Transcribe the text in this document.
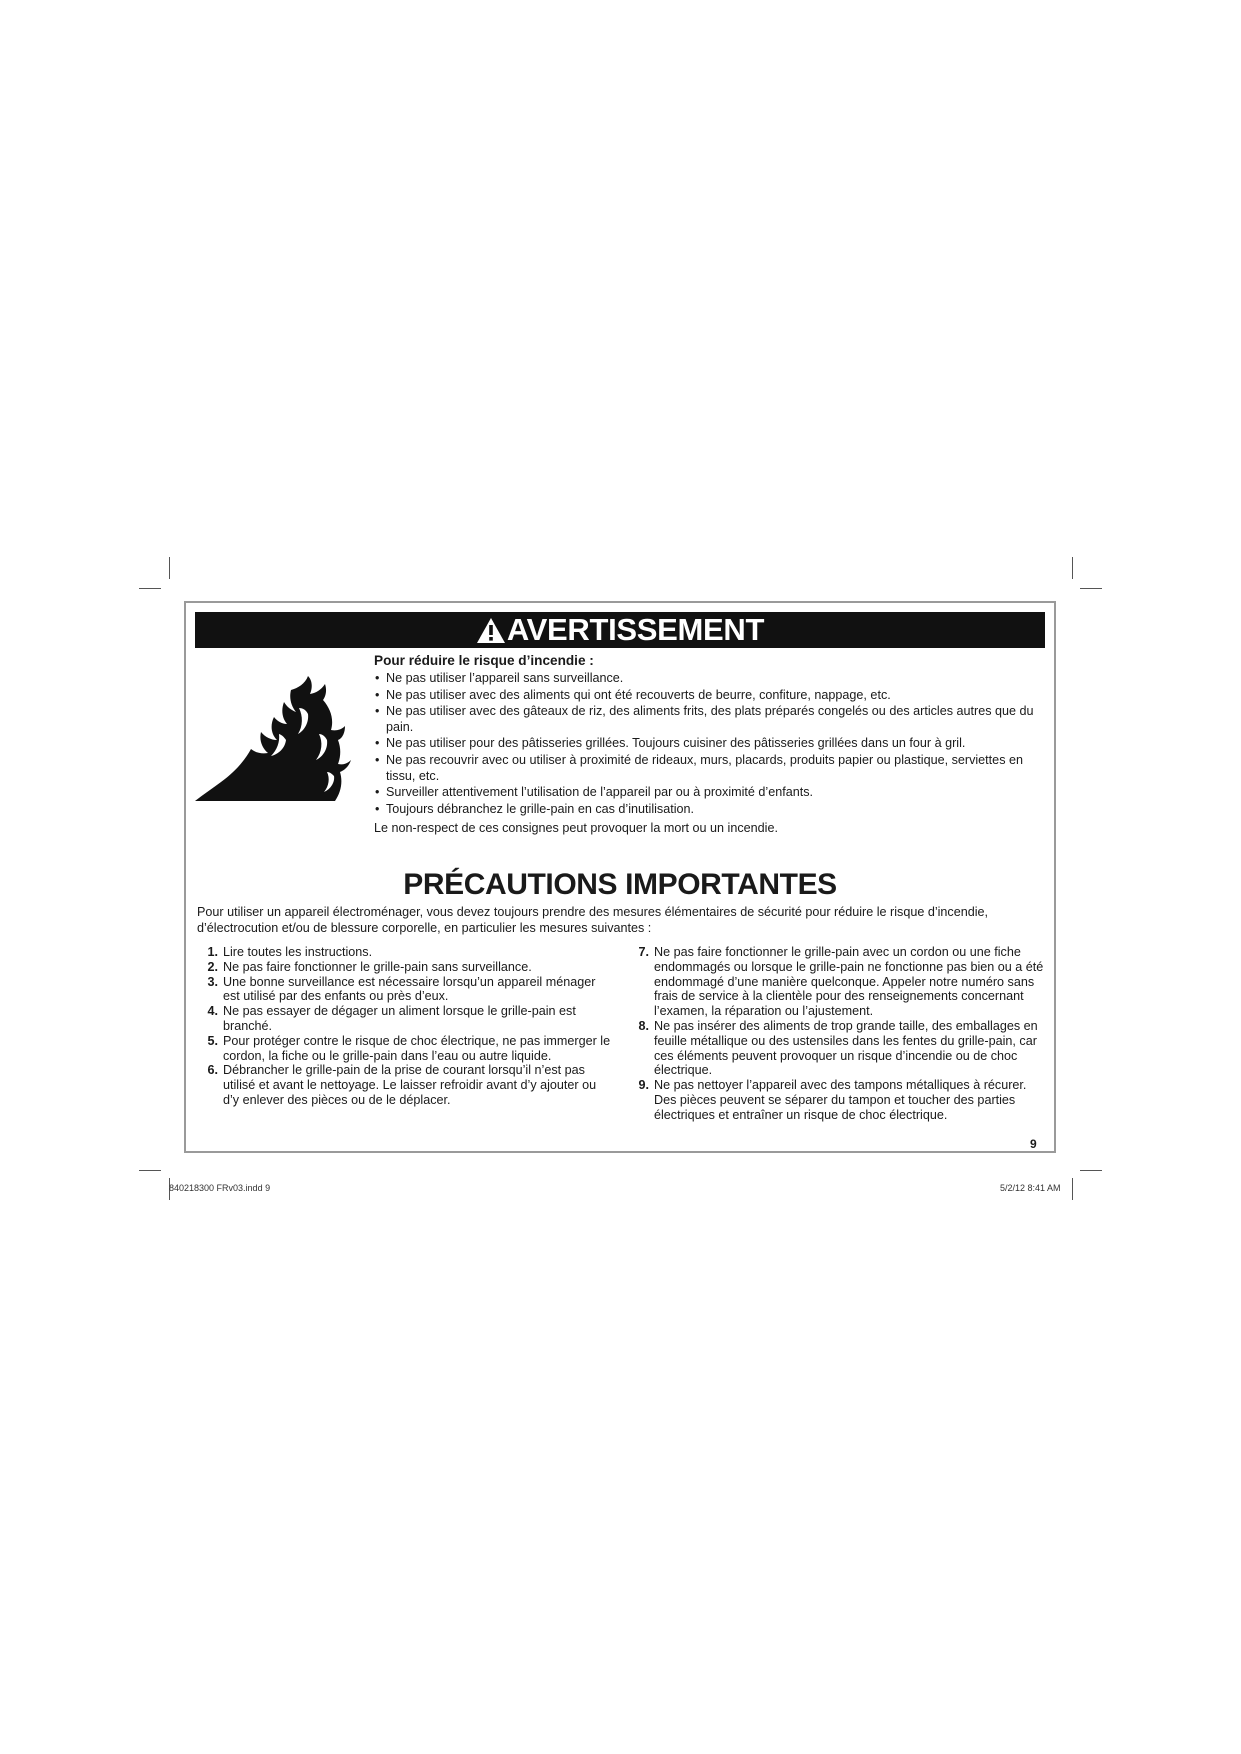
AVERTISSEMENT
Pour réduire le risque d’incendie :
• Ne pas utiliser l’appareil sans surveillance.
• Ne pas utiliser avec des aliments qui ont été recouverts de beurre, confiture, nappage, etc.
• Ne pas utiliser avec des gâteaux de riz, des aliments frits, des plats préparés congelés ou des articles autres que du pain.
• Ne pas utiliser pour des pâtisseries grillées. Toujours cuisiner des pâtisseries grillées dans un four à gril.
• Ne pas recouvrir avec ou utiliser à proximité de rideaux, murs, placards, produits papier ou plastique, serviettes en tissu, etc.
• Surveiller attentivement l’utilisation de l’appareil par ou à proximité d’enfants.
• Toujours débranchez le grille-pain en cas d’inutilisation.
Le non-respect de ces consignes peut provoquer la mort ou un incendie.
PRÉCAUTIONS IMPORTANTES
Pour utiliser un appareil électroménager, vous devez toujours prendre des mesures élémentaires de sécurité pour réduire le risque d’incendie, d’électrocution et/ou de blessure corporelle, en particulier les mesures suivantes :
1. Lire toutes les instructions.
2. Ne pas faire fonctionner le grille-pain sans surveillance.
3. Une bonne surveillance est nécessaire lorsqu’un appareil ménager est utilisé par des enfants ou près d’eux.
4. Ne pas essayer de dégager un aliment lorsque le grille-pain est branché.
5. Pour protéger contre le risque de choc électrique, ne pas immerger le cordon, la fiche ou le grille-pain dans l’eau ou autre liquide.
6. Débrancher le grille-pain de la prise de courant lorsqu’il n’est pas utilisé et avant le nettoyage. Le laisser refroidir avant d’y ajouter ou d’y enlever des pièces ou de le déplacer.
7. Ne pas faire fonctionner le grille-pain avec un cordon ou une fiche endommagés ou lorsque le grille-pain ne fonctionne pas bien ou a été endommagé d’une manière quelconque. Appeler notre numéro sans frais de service à la clientèle pour des renseignements concernant l’examen, la réparation ou l’ajustement.
8. Ne pas insérer des aliments de trop grande taille, des emballages en feuille métallique ou des ustensiles dans les fentes du grille-pain, car ces éléments peuvent provoquer un risque d’incendie ou de choc électrique.
9. Ne pas nettoyer l’appareil avec des tampons métalliques à récurer. Des pièces peuvent se séparer du tampon et toucher des parties électriques et entraîner un risque de choc électrique.
9
840218300 FRv03.indd 9	5/2/12 8:41 AM
